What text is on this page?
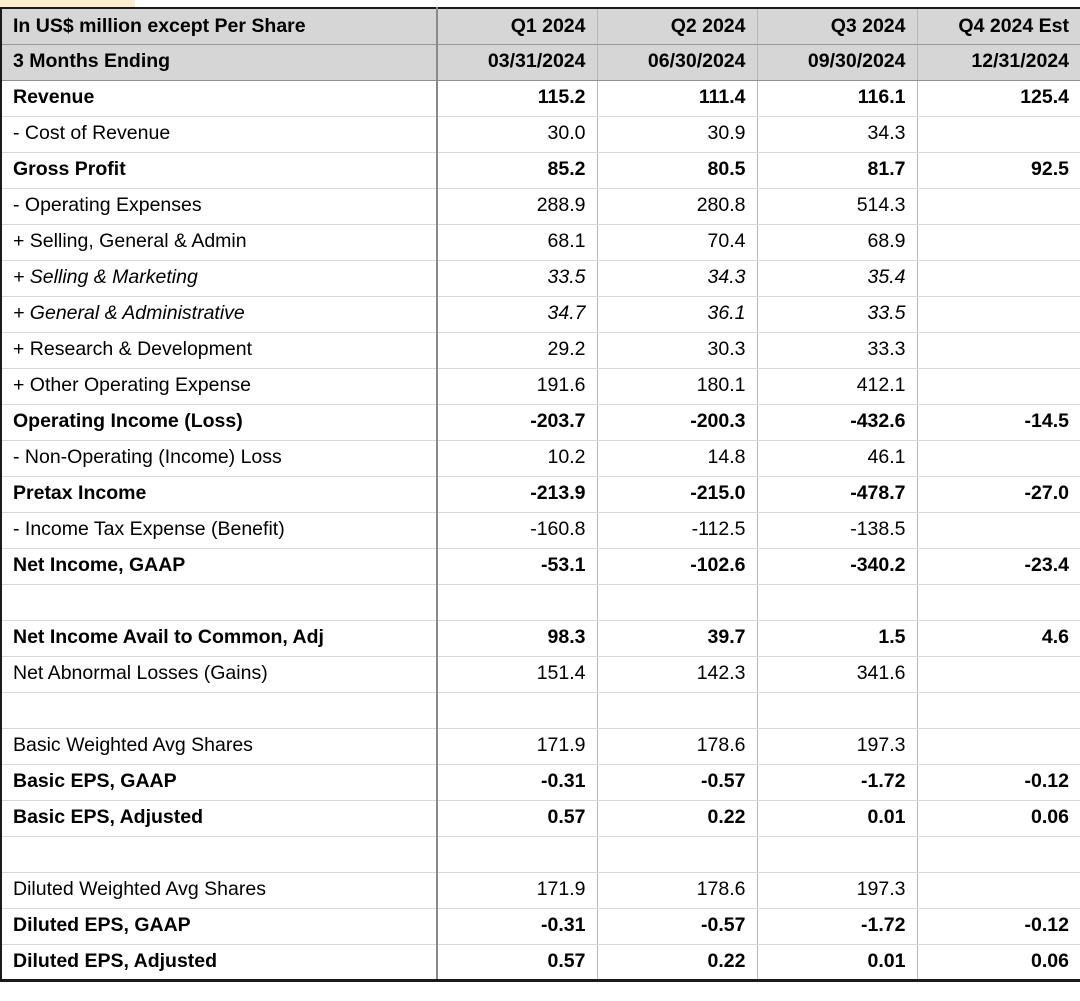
In US$ million except Per Share	Q1 2024	Q2 2024	Q3 2024	Q4 2024 Est
3 Months Ending	03/31/2024	06/30/2024	09/30/2024	12/31/2024
Revenue	115.2	111.4	116.1	125.4
- Cost of Revenue	30.0	30.9	34.3	
Gross Profit	85.2	80.5	81.7	92.5
- Operating Expenses	288.9	280.8	514.3	
+ Selling, General & Admin	68.1	70.4	68.9	
+ Selling & Marketing	33.5	34.3	35.4	
+ General & Administrative	34.7	36.1	33.5	
+ Research & Development	29.2	30.3	33.3	
+ Other Operating Expense	191.6	180.1	412.1	
Operating Income (Loss)	-203.7	-200.3	-432.6	-14.5
- Non-Operating (Income) Loss	10.2	14.8	46.1	
Pretax Income	-213.9	-215.0	-478.7	-27.0
- Income Tax Expense (Benefit)	-160.8	-112.5	-138.5	
Net Income, GAAP	-53.1	-102.6	-340.2	-23.4

Net Income Avail to Common, Adj	98.3	39.7	1.5	4.6
Net Abnormal Losses (Gains)	151.4	142.3	341.6	

Basic Weighted Avg Shares	171.9	178.6	197.3	
Basic EPS, GAAP	-0.31	-0.57	-1.72	-0.12
Basic EPS, Adjusted	0.57	0.22	0.01	0.06

Diluted Weighted Avg Shares	171.9	178.6	197.3	
Diluted EPS, GAAP	-0.31	-0.57	-1.72	-0.12
Diluted EPS, Adjusted	0.57	0.22	0.01	0.06
